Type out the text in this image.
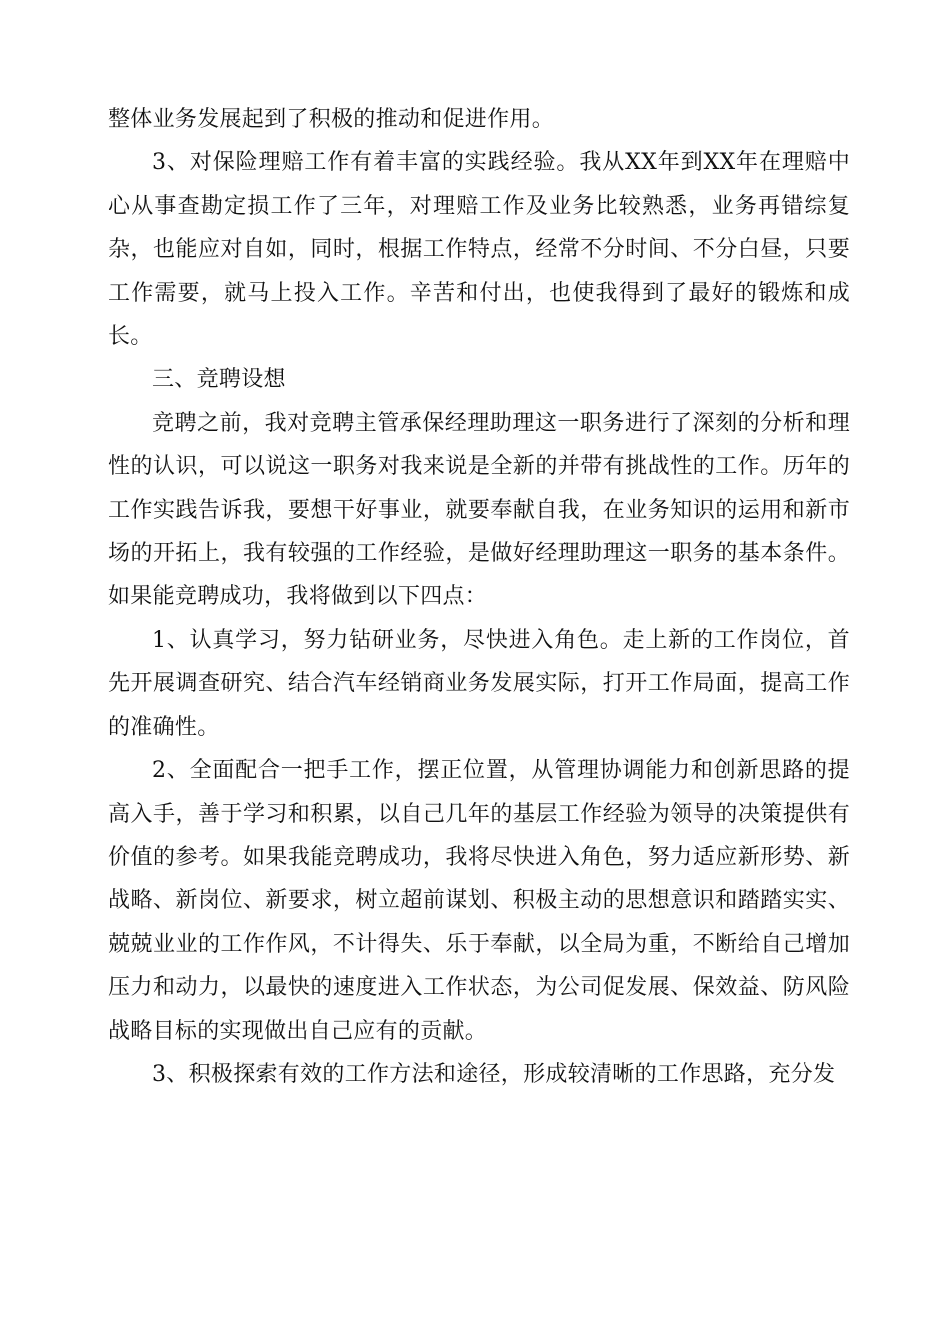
整体业务发展起到了积极的推动和促进作用。

3、对保险理赔工作有着丰富的实践经验。我从XX年到XX年在理赔中心从事查勘定损工作了三年，对理赔工作及业务比较熟悉，业务再错综复杂，也能应对自如，同时，根据工作特点，经常不分时间、不分白昼，只要工作需要，就马上投入工作。辛苦和付出，也使我得到了最好的锻炼和成长。

三、竞聘设想

竞聘之前，我对竞聘主管承保经理助理这一职务进行了深刻的分析和理性的认识，可以说这一职务对我来说是全新的并带有挑战性的工作。历年的工作实践告诉我，要想干好事业，就要奉献自我，在业务知识的运用和新市场的开拓上，我有较强的工作经验，是做好经理助理这一职务的基本条件。如果能竞聘成功，我将做到以下四点：

1、认真学习，努力钻研业务，尽快进入角色。走上新的工作岗位，首先开展调查研究、结合汽车经销商业务发展实际，打开工作局面，提高工作的准确性。

2、全面配合一把手工作，摆正位置，从管理协调能力和创新思路的提高入手，善于学习和积累，以自己几年的基层工作经验为领导的决策提供有价值的参考。如果我能竞聘成功，我将尽快进入角色，努力适应新形势、新战略、新岗位、新要求，树立超前谋划、积极主动的思想意识和踏踏实实、兢兢业业的工作作风，不计得失、乐于奉献，以全局为重，不断给自己增加压力和动力，以最快的速度进入工作状态，为公司促发展、保效益、防风险战略目标的实现做出自己应有的贡献。

3、积极探索有效的工作方法和途径，形成较清晰的工作思路，充分发
